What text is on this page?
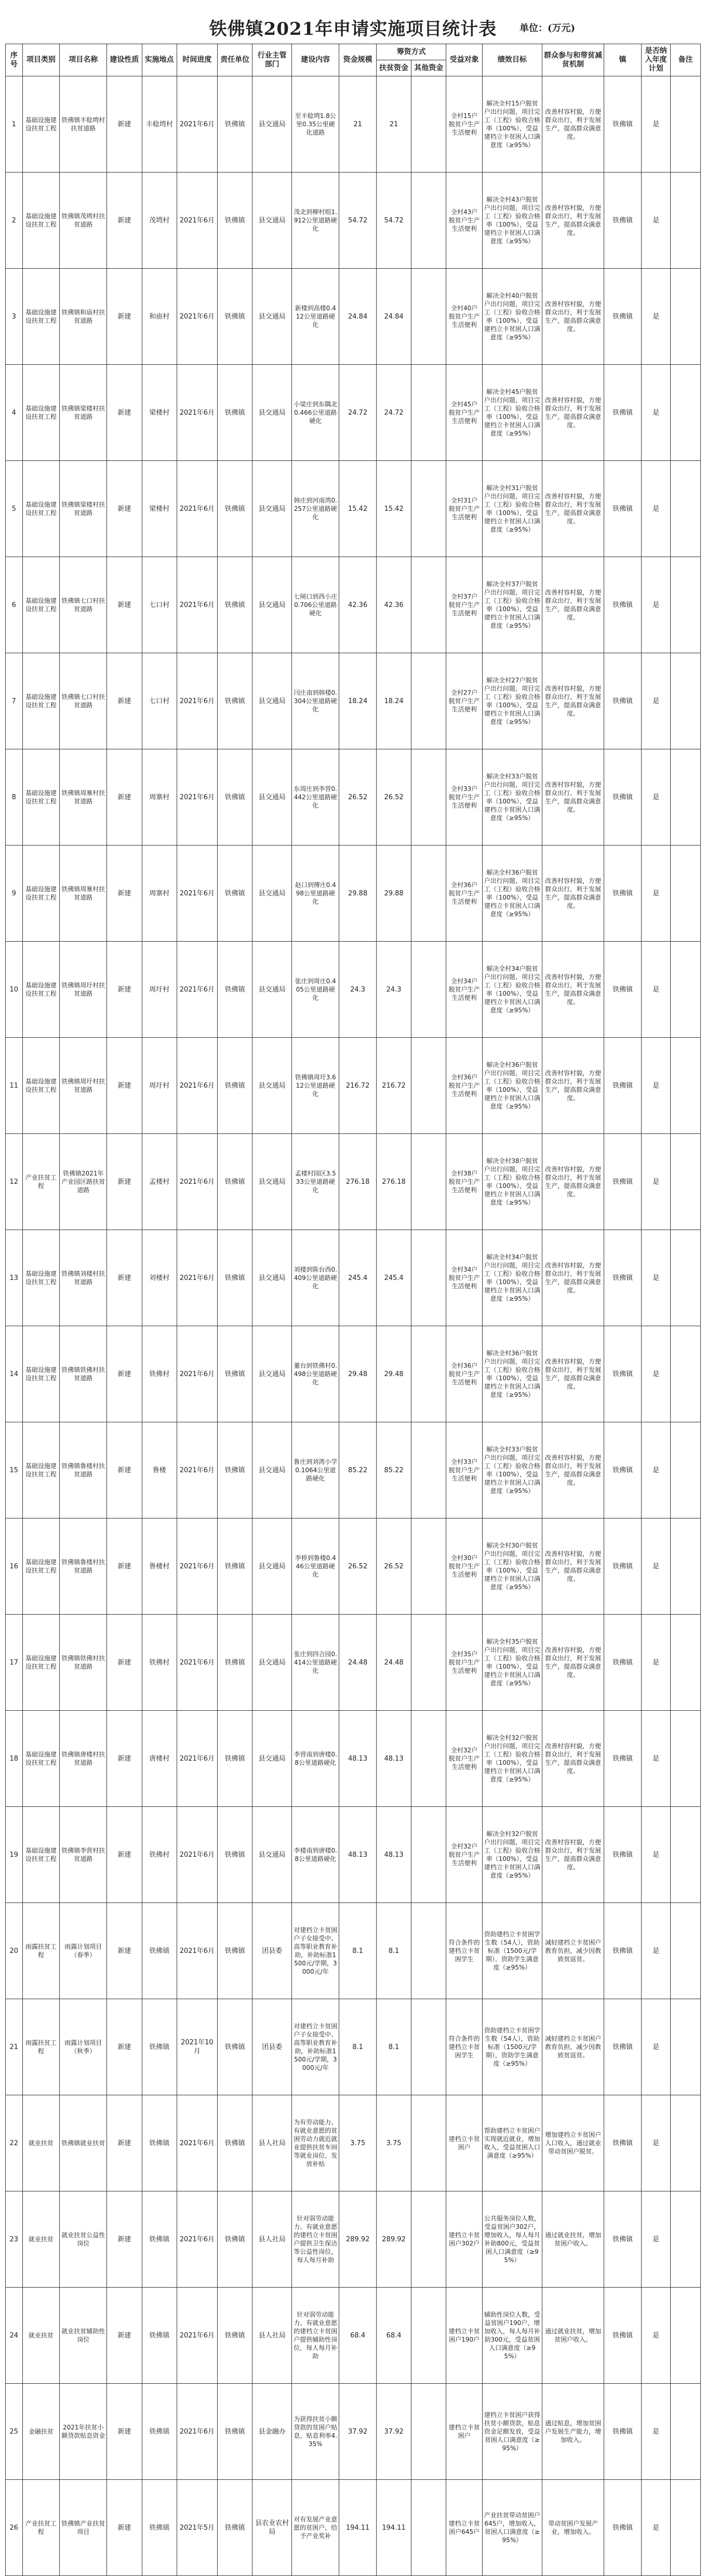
铁佛镇2021年申请实施项目统计表	单位：(万元)
序号	项目类别	项目名称	建设性质	实施地点	时间进度	责任单位	行业主管部门	建设内容	资金规模	筹资方式		受益对象	绩效目标	群众参与和带贫减贫机制	镇	是否纳入年度计划	备注
										扶贫资金	其他资金						
1	基础设施建设扶贫工程	铁佛镇丰稔塆村扶贫道路	新建	丰稔塆村	2021年6月	铁佛镇	县交通局	至丰稔塆1.8公里0.35公里硬化道路	21	21		全村15户脱贫户生产生活便利	解决全村15户脱贫户出行问题，项目完工（工程）验收合格率（100%），受益建档立卡贫困人口满意度（≥95%）	改善村容村貌，方便群众出行，利于发展生产，提高群众满意度。	铁佛镇	是	
2	基础设施建设扶贫工程	铁佛镇茂塆村扶贫道路	新建	茂塆村	2021年6月	铁佛镇	县交通局	茂北到柳村组1.912公里道路硬化	54.72	54.72		全村43户脱贫户生产生活便利	解决全村43户脱贫户出行问题，项目完工（工程）验收合格率（100%），受益建档立卡贫困人口满意度（≥95%）	改善村容村貌，方便群众出行，利于发展生产，提高群众满意度。	铁佛镇	是	
3	基础设施建设扶贫工程	铁佛镇和庙村扶贫道路	新建	和庙村	2021年6月	铁佛镇	县交通局	新楼到高楼0.412公里道路硬化	24.84	24.84		全村40户脱贫户生产生活便利	解决全村40户脱贫户出行问题，项目完工（工程）验收合格率（100%），受益建档立卡贫困人口满意度（≥95%）	改善村容村貌，方便群众出行，利于发展生产，提高群众满意度。	铁佛镇	是	
4	基础设施建设扶贫工程	铁佛镇梁楼村扶贫道路	新建	梁楼村	2021年6月	铁佛镇	县交通局	小梁庄到东隅北0.466公里道路硬化	24.72	24.72		全村45户脱贫户生产生活便利	解决全村45户脱贫户出行问题，项目完工（工程）验收合格率（100%），受益建档立卡贫困人口满意度（≥95%）	改善村容村貌，方便群众出行，利于发展生产，提高群众满意度。	铁佛镇	是	
5	基础设施建设扶贫工程	铁佛镇梁楼村扶贫道路	新建	梁楼村	2021年6月	铁佛镇	县交通局	韩庄到河南湾0.257公里道路硬化	15.42	15.42		全村31户脱贫户生产生活便利	解决全村31户脱贫户出行问题，项目完工（工程）验收合格率（100%），受益建档立卡贫困人口满意度（≥95%）	改善村容村貌，方便群众出行，利于发展生产，提高群众满意度。	铁佛镇	是	
6	基础设施建设扶贫工程	铁佛镇七口村扶贫道路	新建	七口村	2021年6月	铁佛镇	县交通局	七闸口到西小庄0.706公里道路硬化	42.36	42.36		全村37户脱贫户生产生活便利	解决全村37户脱贫户出行问题，项目完工（工程）验收合格率（100%），受益建档立卡贫困人口满意度（≥95%）	改善村容村貌，方便群众出行，利于发展生产，提高群众满意度。	铁佛镇	是	
7	基础设施建设扶贫工程	铁佛镇七口村扶贫道路	新建	七口村	2021年6月	铁佛镇	县交通局	闫庄南到韩楼0.304公里道路硬化	18.24	18.24		全村27户脱贫户生产生活便利	解决全村27户脱贫户出行问题，项目完工（工程）验收合格率（100%），受益建档立卡贫困人口满意度（≥95%）	改善村容村貌，方便群众出行，利于发展生产，提高群众满意度。	铁佛镇	是	
8	基础设施建设扶贫工程	铁佛镇周寨村扶贫道路	新建	周寨村	2021年6月	铁佛镇	县交通局	东周庄到李营0.442公里道路硬化	26.52	26.52		全村33户脱贫户生产生活便利	解决全村33户脱贫户出行问题，项目完工（工程）验收合格率（100%），受益建档立卡贫困人口满意度（≥95%）	改善村容村貌，方便群众出行，利于发展生产，提高群众满意度。	铁佛镇	是	
9	基础设施建设扶贫工程	铁佛镇周寨村扶贫道路	新建	周寨村	2021年6月	铁佛镇	县交通局	赵口到傅庄0.498公里道路硬化	29.88	29.88		全村36户脱贫户生产生活便利	解决全村36户脱贫户出行问题，项目完工（工程）验收合格率（100%），受益建档立卡贫困人口满意度（≥95%）	改善村容村貌，方便群众出行，利于发展生产，提高群众满意度。	铁佛镇	是	
10	基础设施建设扶贫工程	铁佛镇周圩村扶贫道路	新建	周圩村	2021年6月	铁佛镇	县交通局	张庄到周庄0.405公里道路硬化	24.3	24.3		全村34户脱贫户生产生活便利	解决全村34户脱贫户出行问题，项目完工（工程）验收合格率（100%），受益建档立卡贫困人口满意度（≥95%）	改善村容村貌，方便群众出行，利于发展生产，提高群众满意度。	铁佛镇	是	
11	基础设施建设扶贫工程	铁佛镇周圩村扶贫道路	新建	周圩村	2021年6月	铁佛镇	县交通局	铁佛镇周圩3.612公里道路硬化	216.72	216.72		全村36户脱贫户生产生活便利	解决全村36户脱贫户出行问题，项目完工（工程）验收合格率（100%），受益建档立卡贫困人口满意度（≥95%）	改善村容村貌，方便群众出行，利于发展生产，提高群众满意度。	铁佛镇	是	
12	产业扶贫工程	铁佛镇2021年产业园区路扶贫道路	新建	孟楼村	2021年6月	铁佛镇	县交通局	孟楼村园区3.533公里道路硬化	276.18	276.18		全村38户脱贫户生产生活便利	解决全村38户脱贫户出行问题，项目完工（工程）验收合格率（100%），受益建档立卡贫困人口满意度（≥95%）	改善村容村貌，方便群众出行，利于发展生产，提高群众满意度。	铁佛镇	是	
13	基础设施建设扶贫工程	铁佛镇刘楼村扶贫道路	新建	刘楼村	2021年6月	铁佛镇	县交通局	刘楼到陈台西0.409公里道路硬化	245.4	245.4		全村34户脱贫户生产生活便利	解决全村34户脱贫户出行问题，项目完工（工程）验收合格率（100%），受益建档立卡贫困人口满意度（≥95%）	改善村容村貌，方便群众出行，利于发展生产，提高群众满意度。	铁佛镇	是	
14	基础设施建设扶贫工程	铁佛镇铁佛村扶贫道路	新建	铁佛村	2021年6月	铁佛镇	县交通局	董台到铁佛村0.498公里道路硬化	29.48	29.48		全村36户脱贫户生产生活便利	解决全村36户脱贫户出行问题，项目完工（工程）验收合格率（100%），受益建档立卡贫困人口满意度（≥95%）	改善村容村貌，方便群众出行，利于发展生产，提高群众满意度。	铁佛镇	是	
15	基础设施建设扶贫工程	铁佛镇鲁楼村扶贫道路	新建	鲁楼	2021年6月	铁佛镇	县交通局	鲁庄到刘湾小学0.1064公里道路硬化	85.22	85.22		全村33户脱贫户生产生活便利	解决全村33户脱贫户出行问题，项目完工（工程）验收合格率（100%），受益建档立卡贫困人口满意度（≥95%）	改善村容村貌，方便群众出行，利于发展生产，提高群众满意度。	铁佛镇	是	
16	基础设施建设扶贫工程	铁佛镇鲁楼村扶贫道路	新建	鲁楼村	2021年6月	铁佛镇	县交通局	李桥到鲁楼0.446公里道路硬化	26.52	26.52		全村30户脱贫户生产生活便利	解决全村30户脱贫户出行问题，项目完工（工程）验收合格率（100%），受益建档立卡贫困人口满意度（≥95%）	改善村容村貌，方便群众出行，利于发展生产，提高群众满意度。	铁佛镇	是	
17	基础设施建设扶贫工程	铁佛镇铁佛村扶贫道路	新建	铁佛村	2021年6月	铁佛镇	县交通局	张庄到四合园0.414公里道路硬化	24.48	24.48		全村35户脱贫户生产生活便利	解决全村35户脱贫户出行问题，项目完工（工程）验收合格率（100%），受益建档立卡贫困人口满意度（≥95%）	改善村容村貌，方便群众出行，利于发展生产，提高群众满意度。	铁佛镇	是	
18	基础设施建设扶贫工程	铁佛镇唐楼村扶贫道路	新建	唐楼村	2021年6月	铁佛镇	县交通局	李营南到唐楼0.8公里道路硬化	48.13	48.13		全村32户脱贫户生产生活便利	解决全村32户脱贫户出行问题，项目完工（工程）验收合格率（100%），受益建档立卡贫困人口满意度（≥95%）	改善村容村貌，方便群众出行，利于发展生产，提高群众满意度。	铁佛镇	是	
19	基础设施建设扶贫工程	铁佛镇李营村扶贫道路	新建	铁佛村	2021年6月	铁佛镇	县交通局	李楼南到唐楼0.8公里道路硬化	48.13	48.13		全村32户脱贫户生产生活便利	解决全村32户脱贫户出行问题，项目完工（工程）验收合格率（100%），受益建档立卡贫困人口满意度（≥95%）	改善村容村貌，方便群众出行，利于发展生产，提高群众满意度。	铁佛镇	是	
20	雨露扶贫工程	雨露计划项目（春季）	新建	铁佛镇	2021年6月	铁佛镇	团县委	对建档立卡贫困户子女接受中、高等职业教育补助，补助标准1500元/学期，3000元/年	8.1	8.1		符合条件的建档立卡贫困学生	资助建档立卡贫困学生数（54人），资助标准（1500元/学期），资助学生满意度（≥95%）	减轻建档立卡贫困户教育负担，减少因教致贫返贫。	铁佛镇	是	
21	雨露扶贫工程	雨露计划项目（秋季）	新建	铁佛镇	2021年10月	铁佛镇	团县委	对建档立卡贫困户子女接受中、高等职业教育补助，补助标准1500元/学期，3000元/年	8.1	8.1		符合条件的建档立卡贫困学生	资助建档立卡贫困学生数（54人），资助标准（1500元/学期），资助学生满意度（≥95%）	减轻建档立卡贫困户教育负担，减少因教致贫返贫。	铁佛镇	是	
22	就业扶贫	铁佛镇就业扶贫	新建	铁佛镇	2021年6月	铁佛镇	县人社局	为有劳动能力、有就业意愿的贫困劳动力就近就业提供扶贫车间等就业岗位，发放补贴	3.75	3.75		建档立卡贫困户	帮助建档立卡贫困户实现就近就业，增加收入，受益贫困人口满意度（≥95%）	增加建档立卡贫困户人口收入，通过就业带动贫困户脱贫。	铁佛镇	是	
23	就业扶贫	就业扶贫公益性岗位	新建	铁佛镇	2021年6月	铁佛镇	县人社局	针对弱劳动能力、有就业意愿的建档立卡贫困户提供卫生保洁等公益性岗位，每人每月补助	289.92	289.92		建档立卡贫困户302户	公共服务岗位人数，受益贫困户302户，增加收入，每人每月补助800元，受益贫困人口满意度（≥95%）	通过就业扶贫，增加贫困户收入。	铁佛镇	是	
24	就业扶贫	就业扶贫辅助性岗位	新建	铁佛镇	2021年6月	铁佛镇	县人社局	针对弱劳动能力、有就业意愿的建档立卡贫困户提供辅助性岗位，每人每月补助	68.4	68.4		建档立卡贫困户190户	辅助性岗位人数，受益贫困户190户，增加收入，每人每月补助300元，受益贫困人口满意度（≥95%）	通过就业扶贫，增加贫困户收入。	铁佛镇	是	
25	金融扶贫	2021年扶贫小额贷款贴息资金	新建	铁佛镇	2021年6月	铁佛镇	县金融办	为获得扶贫小额贷款的贫困户贴息，贴息利率4.35%	37.92	37.92		建档立卡贫困户	建档立卡贫困户获得扶贫小额贷款，贴息资金足额发放，受益贫困人口满意度（≥95%）	通过贴息，增加贫困户发展生产能力，增加收入。	铁佛镇	是	
26	产业扶贫工程	铁佛镇产业扶贫项目	新建	铁佛镇	2021年5月	铁佛镇	县农业农村局	对有发展产业意愿的贫困户，给予产业奖补	194.11	194.11		建档立卡贫困户645户	产业扶贫带动贫困户645户，增加收入，贫困人口满意度（≥95%）	带动贫困户发展产业，增加收入。	铁佛镇	是	
